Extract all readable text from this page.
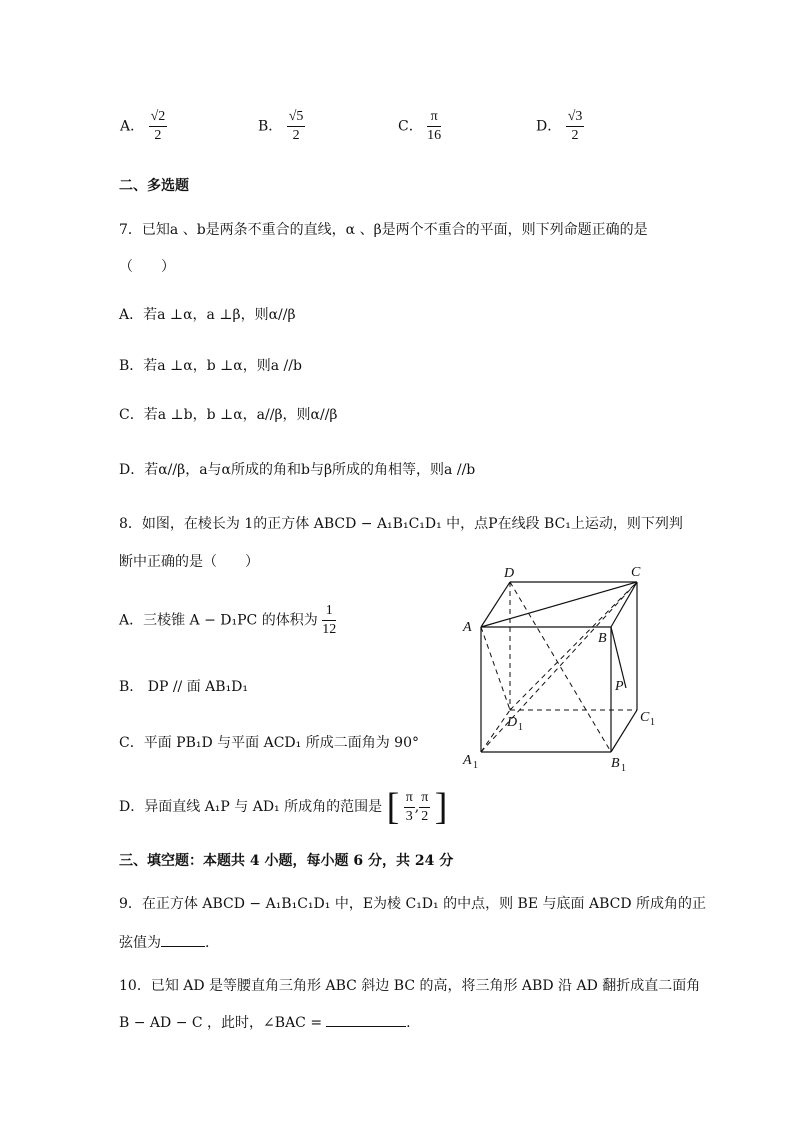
A． $\frac{√2}{2}$	B． $\frac{√5}{2}$	C． $\frac{\pi}{16}$	D． $\frac{√3}{2}$
二、多选题
7．已知a 、b是两条不重合的直线，α 、β是两个不重合的平面，则下列命题正确的是
（　　）
A．若a ⊥α，a ⊥β，则α//β
B．若a ⊥α，b ⊥α，则a //b
C．若a ⊥b，b ⊥α，a//β，则α//β
D．若α//β，a与α所成的角和b与β所成的角相等，则a //b
8．如图，在棱长为 1的正方体 ABCD − A₁B₁C₁D₁ 中，点P在线段 BC₁上运动，则下列判
断中正确的是（　　）
A．三棱锥 A − D₁PC 的体积为 $\frac{1}{12}$
B． DP // 面 AB₁D₁
C．平面 PB₁D 与平面 ACD₁ 所成二面角为 90°
D．异面直线 A₁P 与 AD₁ 所成角的范围是 [ $\frac{\pi}{3}$ , $\frac{\pi}{2}$ ]
D	C
A
B
P
D 1
C 1
A 1	B 1
三、填空题：本题共 4 小题，每小题 6 分，共 24 分
9．在正方体 ABCD − A₁B₁C₁D₁ 中，E为棱 C₁D₁ 的中点，则 BE 与底面 ABCD 所成角的正
弦值为	.
10．已知 AD 是等腰直角三角形 ABC 斜边 BC 的高，将三角形 ABD 沿 AD 翻折成直二面角
B − AD − C ，此时，∠BAC =	.
